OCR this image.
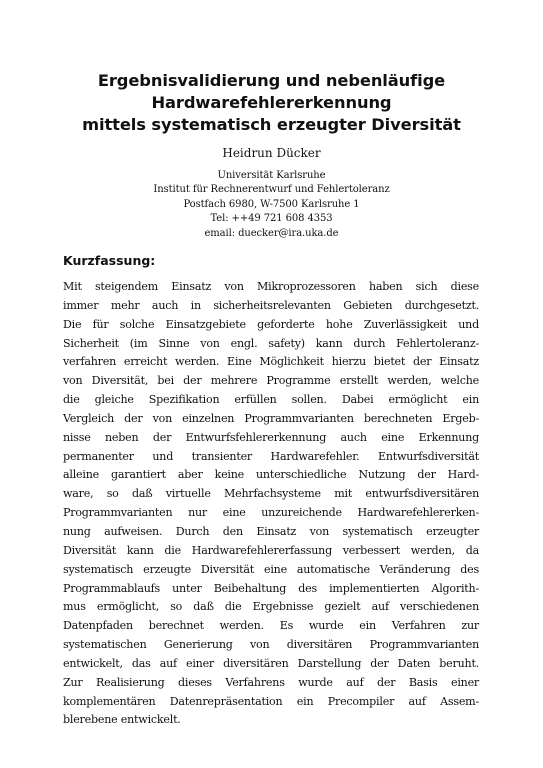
Ergebnisvalidierung und nebenläufige
Hardwarefehlererkennung
mittels systematisch erzeugter Diversität
Heidrun Dücker
Universität Karlsruhe
Institut für Rechnerentwurf und Fehlertoleranz
Postfach 6980, W-7500 Karlsruhe 1
Tel: ++49 721 608 4353
email: duecker@ira.uka.de
Kurzfassung:
Mit steigendem Einsatz von Mikroprozessoren haben sich diese
immer mehr auch in sicherheitsrelevanten Gebieten durchgesetzt.
Die für solche Einsatzgebiete geforderte hohe Zuverlässigkeit und
Sicherheit (im Sinne von engl. safety) kann durch Fehlertoleranz-
verfahren erreicht werden. Eine Möglichkeit hierzu bietet der Einsatz
von Diversität, bei der mehrere Programme erstellt werden, welche
die gleiche Spezifikation erfüllen sollen. Dabei ermöglicht ein
Vergleich der von einzelnen Programmvarianten berechneten Ergeb-
nisse neben der Entwurfsfehlererkennung auch eine Erkennung
permanenter und transienter Hardwarefehler. Entwurfsdiversität
alleine garantiert aber keine unterschiedliche Nutzung der Hard-
ware, so daß virtuelle Mehrfachsysteme mit entwurfsdiversitären
Programmvarianten nur eine unzureichende Hardwarefehlererken-
nung aufweisen. Durch den Einsatz von systematisch erzeugter
Diversität kann die Hardwarefehlererfassung verbessert werden, da
systematisch erzeugte Diversität eine automatische Veränderung des
Programmablaufs unter Beibehaltung des implementierten Algorith-
mus ermöglicht, so daß die Ergebnisse gezielt auf verschiedenen
Datenpfaden berechnet werden. Es wurde ein Verfahren zur
systematischen Generierung von diversitären Programmvarianten
entwickelt, das auf einer diversitären Darstellung der Daten beruht.
Zur Realisierung dieses Verfahrens wurde auf der Basis einer
komplementären Datenrepräsentation ein Precompiler auf Assem-
blerebene entwickelt.
